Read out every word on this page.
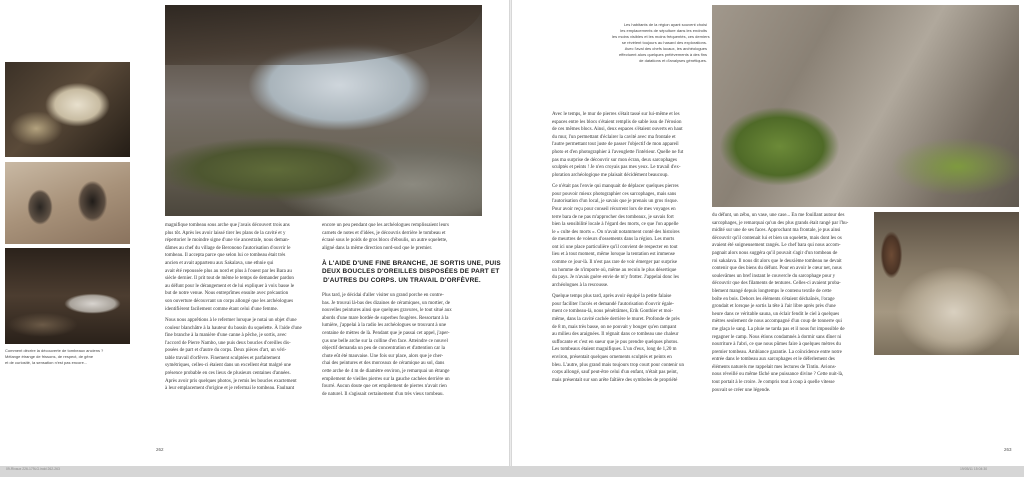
Comment décrire la découverte de tombeaux anciens ?
Mélange étrange de frissons, de respect, de gêne
et de curiosité, la sensation n'est pas encore...

magnifique tombeau sous arche que j'avais découvert trois ans
plus tôt. Après les avoir laissé tirer les plans de la cavité et y
répertorier le moindre signe d'une vie ancestrale, nous deman-
dâmes au chef du village de Beronono l'autorisation d'ouvrir le
tombeau. Il accepta parce que selon lui ce tombeau était très
ancien et avait appartenu aux Sakalava, une ethnie qui
avait été repoussée plus au nord et plus à l'ouest par les Bara au
siècle dernier. Il prit tout de même le temps de demander pardon
au défunt pour le dérangement et de lui expliquer à voix basse le
but de notre venue. Nous entreprîmes ensuite avec précaution
son ouverture découvrant un corps allongé que les archéologues
identifièrent facilement comme étant celui d'une femme.

Nous nous apprêtions à le refermer lorsque je notai un objet d'une
couleur blanchâtre à la hauteur du bassin du squelette. À l'aide d'une
fine branche à la manière d'une canne à pêche, je sortis, avec
l'accord de Pierre Nambo, une puis deux boucles d'oreilles dis-
posées de part et d'autre du corps. Deux pièces d'art, un véri-
table travail d'orfèvre. Finement sculptées et parfaitement
symétriques, celles-ci étaient dans un excellent état malgré une
présence probable en ces lieux de plusieurs centaines d'années.
Après avoir pris quelques photos, je remis les boucles exactement
à leur emplacement d'origine et je refermai le tombeau. Faulnant

encore un peu pendant que les archéologues remplissaient leurs
carnets de notes et d'idées, je découvris derrière le tombeau et
écrasé sous le poids de gros blocs d'éboulis, un autre squelette,
aligné dans la même direction nord-sud que le premier.

À L'AIDE D'UNE FINE BRANCHE, JE SORTIS UNE, PUIS
DEUX BOUCLES D'OREILLES DISPOSÉES DE PART ET
D'AUTRES DU CORPS. UN TRAVAIL D'ORFÈVRE.

Plus tard, je décidai d'aller visiter un grand porche en contre-
bas. Je trouvai là-bas des dizaines de céramiques, un mortier, de
nouvelles peintures ainsi que quelques gravures, le tout situé aux
abords d'une mare bordée de superbes fougères. Ressortant à la
lumière, j'appelai à la radio les archéologues se trouvant à une
centaine de mètres de là. Pendant que je passai cet appel, j'aper-
çus une belle arche sur la colline d'en face. Atteindre ce nouvel
objectif demanda un peu de concentration et d'attention car la
chute eût été mauvaise. Une fois sur place, alors que je cher-
chai des peintures et des morceaux de céramique au sol, dans
cette arche de 4 m de diamètre environ, je remarquai un étrange
empilement de vieilles pierres sur la gauche cachées derrière un
fourré. Aucun doute que cet empilement de pierres n'avait rien
de naturel. Il s'agissait certainement d'un très vieux tombeau.

262
Les habitants de la région ayant souvent choisi
les emplacements de sépulture dans les endroits
les moins visibles et les moins fréquentés, ces derniers
se révèlent toujours au hasard des explorations.
Avec l'aval des chefs locaux, les archéologues
effectuent alors quelques prélèvements à des fins
de datations et d'analyses génétiques.

Avec le temps, le mur de pierres s'était tassé sur lui-même et les
espaces entre les blocs s'étaient remplis de sable issu de l'érosion
de ces mêmes blocs. Ainsi, deux espaces s'étaient ouverts en haut
du mur, l'un permettant d'éclairer la cavité avec ma frontale et
l'autre permettant tout juste de passer l'objectif de mon appareil
photo et d'en photographier à l'aveuglette l'intérieur. Quelle ne fut
pas ma surprise de découvrir sur mon écran, deux sarcophages
sculptés et peints ! Je n'en croyais pas mes yeux. Le travail d'ex-
ploration archéologique me plaisait décidément beaucoup.

Ce n'était pas l'envie qui manquait de déplacer quelques pierres
pour pouvoir mieux photographier ces sarcophages, mais sans
l'autorisation d'un local, je savais que je prenais un gros risque.
Pour avoir reçu pour conseil récurrent lors de mes voyages en
terre bara de ne pas m'approcher des tombeaux, je savais fort
bien la sensibilité locale à l'égard des morts, ce que l'on appelle
le « culte des morts ». On n'avait notamment conté des histoires
de meurtres de voleurs d'ossements dans la région. Les morts
ont ici une place particulière qu'il convient de respecter en tout
lieu et à tout moment, même lorsque la tentation est immense
comme ce jour-là. Il n'est pas rare de voir émerger par surprise
un homme de n'importe où, même au recoin le plus désertique
du pays. Je n'avais guère envie de m'y frotter. J'appelai donc les
archéologues à la rescousse.

Quelque temps plus tard, après avoir équipé la petite falaise
pour faciliter l'accès et demandé l'autorisation d'ouvrir égale-
ment ce tombeau-là, nous pénétrâmes, Erik Gonthier et moi-
même, dans la cavité cachée derrière le muret. Profonde de près
de 8 m, mais très basse, on ne pouvait y bouger qu'en rampant
au milieu des araignées. Il régnait dans ce tombeau une chaleur
suffocante et c'est en sueur que je pus prendre quelques photos.
Les tombeaux étaient magnifiques. L'un d'eux, long de 1,20 m
environ, présentait quelques ornements sculptés et peints en
bleu. L'autre, plus grand mais toujours trop court pour contenir un
corps allongé, sauf peut-être celui d'un enfant, n'était pas peint,
mais présentait sur son arête faîtière des symboles de propriété

263

du défunt, un zébu, un vase, une case... En me fouillant autour des
sarcophages, je remarquai qu'un des plus grands était rangé par l'hu-
midité sur une de ses faces. Approchant ma frontale, je pus ainsi
découvrir qu'il contenait lui et bien un squelette, mais dont les os
avaient été soigneusement rangés. Le chef bara qui nous accom-
pagnait alors nous suggéra qu'il pouvait s'agir d'un tombeau de
roi sakalava. Il nous dit alors que le deuxième tombeau ne devait
contenir que des biens du défunt. Pour en avoir le cœur net, nous
soulevâmes un bref instant le couvercle du sarcophage pour y
découvrir que des filaments de tentures. Celles-ci avaient proba-
blement mangé depuis longtemps le contenu textile de cette
boîte en bois. Dehors les éléments s'étaient déchaînés, l'orage
grondait et lorsque je sortis la tête à l'air libre après près d'une
heure dans ce véritable sauna, un éclair fendit le ciel à quelques
mètres seulement de nous accompagné d'un coup de tonnerre qui
me glaça le sang. La pluie ne tarda pas et il nous fut impossible de
regagner le camp. Nous étions condamnés à dormir sans dîner ni
nourriture à l'abri, ce que nous pûmes faire à quelques mètres du
premier tombeau. Ambiance garantie. La coïncidence entre notre
entrée dans le tombeau aux sarcophages et le déferlement des
éléments naturels me rappelait mes lectures de Tintin. Avions-
nous réveillé ou même fâché une puissance divine ? Cette nuit-là,
tout portait à le croire. Je compris tout à coup à quelle vitesse
pouvait se créer une légende.

09-Rivaux 226-179LG.indd 262-263	19/05/11 15:04:30
